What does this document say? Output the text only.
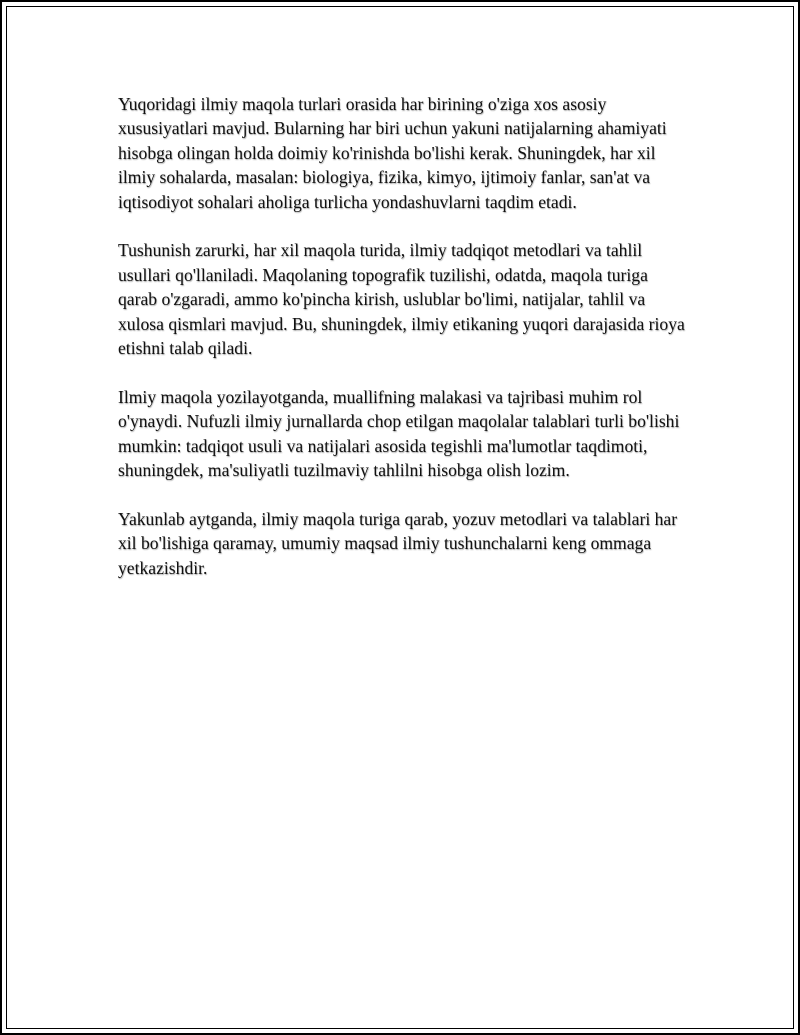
Yuqoridagi ilmiy maqola turlari orasida har birining o'ziga xos asosiy xususiyatlari mavjud. Bularning har biri uchun yakuni natijalarning ahamiyati hisobga olingan holda doimiy ko'rinishda bo'lishi kerak. Shuningdek, har xil ilmiy sohalarda, masalan: biologiya, fizika, kimyo, ijtimoiy fanlar, san'at va iqtisodiyot sohalari aholiga turlicha yondashuvlarni taqdim etadi.

Tushunish zarurki, har xil maqola turida, ilmiy tadqiqot metodlari va tahlil usullari qo'llaniladi. Maqolaning topografik tuzilishi, odatda, maqola turiga qarab o'zgaradi, ammo ko'pincha kirish, uslublar bo'limi, natijalar, tahlil va xulosa qismlari mavjud. Bu, shuningdek, ilmiy etikaning yuqori darajasida rioya etishni talab qiladi.

Ilmiy maqola yozilayotganda, muallifning malakasi va tajribasi muhim rol o'ynaydi. Nufuzli ilmiy jurnallarda chop etilgan maqolalar talablari turli bo'lishi mumkin: tadqiqot usuli va natijalari asosida tegishli ma'lumotlar taqdimoti, shuningdek, ma'suliyatli tuzilmaviy tahlilni hisobga olish lozim.

Yakunlab aytganda, ilmiy maqola turiga qarab, yozuv metodlari va talablari har xil bo'lishiga qaramay, umumiy maqsad ilmiy tushunchalarni keng ommaga yetkazishdir.
